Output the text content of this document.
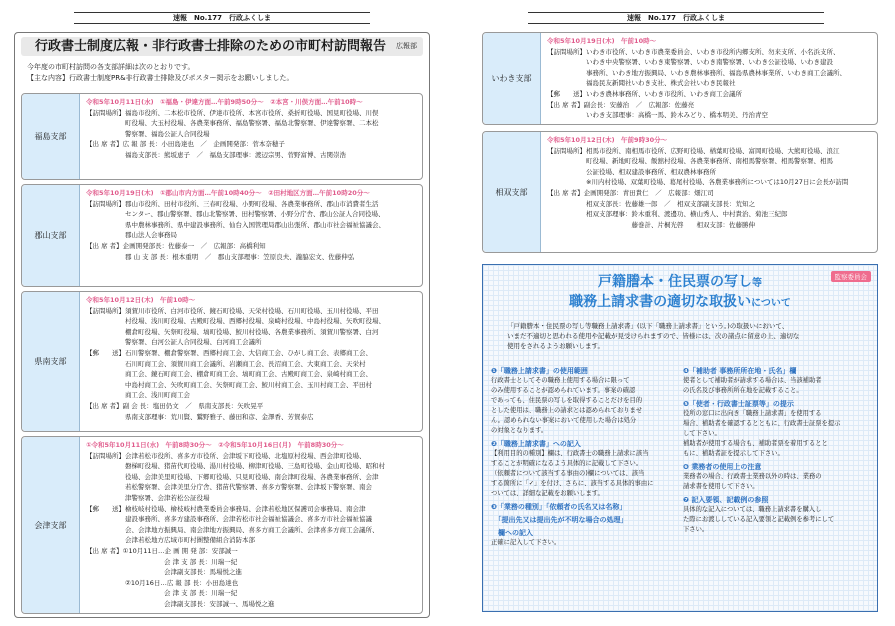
速報　No.177　行政ふくしま
行政書士制度広報・非行政書士排除のための市町村訪問報告 広報部
今年度の市町村訪問の各支部詳細は次のとおりです。
【主な内容】行政書士制度PR&非行政書士排除及びポスター掲示をお願いしました。
福島支部
令和5年10月11日(水)　①福島・伊達方面…午前9時50分～　②本宮・川俣方面…午前10時～
【訪問場所】福島市役所、二本松市役所、伊達市役所、本宮市役所、桑折町役場、国見町役場、川俣
　　　　　　町役場、大玉村役場、各農業事務所、福島警察署、福島北警察署、伊達警察署、二本松
　　　　　　警察署、福島公証人合同役場
【出 席 者】広 報 部 長：小田島達也　／　企画開発部：菅本奈穂子
　　　　　　福島支部長：熊坂恵子　／　福島支部理事：渡辺宗男、菅野富博、古関崇浩
郡山支部
令和5年10月19日(木)　①郡山市内方面…午前10時40分～　②田村地区方面…午前10時20分～
【訪問場所】郡山市役所、田村市役所、三春町役場、小野町役場、各農業事務所、郡山市消費者生活
　　　　　　センター、郡山警察署、郡山北警察署、田村警察署、小野分庁舎、郡山公証人合同役場、
　　　　　　県中農林事務所、県中建設事務所、仙台入国管理局郡山出張所、郡山市社会福祉協議会、
　　　　　　郡山法人会事務局
【出 席 者】企画開発部長：佐藤泰一　／　広報部：高橋利知
　　　　　　郡 山 支 部 長：根本重明　／　郡山支部理事：笠原良夫、瀧脇宏文、佐藤伸弘
県南支部
令和5年10月12日(木)　午前10時～
【訪問場所】須賀川市役所、白河市役所、鏡石町役場、天栄村役場、石川町役場、玉川村役場、平田
　　　　　　村役場、浅川町役場、古殿町役場、西郷村役場、泉崎村役場、中島村役場、矢吹町役場、
　　　　　　棚倉町役場、矢祭町役場、塙町役場、鮫川村役場、各農業事務所、須賀川警察署、白河
　　　　　　警察署、白河公証人合同役場、白河商工会議所
【郵　　送】石川警察署、棚倉警察署、西郷村商工会、大信商工会、ひがし商工会、表郷商工会、
　　　　　　石川町商工会、須賀川商工会議所、岩瀬商工会、長沼商工会、大東商工会、天栄村
　　　　　　商工会、鏡石町商工会、棚倉町商工会、塙町商工会、古殿町商工会、泉崎村商工会、
　　　　　　中島村商工会、矢吹町商工会、矢祭町商工会、鮫川村商工会、玉川村商工会、平田村
　　　　　　商工会、浅川町商工会
【出 席 者】副 会 長：塩田仍文　／　県南支部長：矢吹晃平
　　　　　　県南支部理事：荒川賢、鷲野雅子、藤田和彦、金澤香、芳賀泰広
会津支部
①令和5年10月11日(水)　午前8時30分～　②令和5年10月16日(月)　午前8時30分～
【訪問場所】会津若松市役所、喜多方市役所、会津坂下町役場、北塩原村役場、西会津町役場、
　　　　　　磐梯町役場、猪苗代町役場、湯川村役場、柳津町役場、三島町役場、金山町役場、昭和村
　　　　　　役場、会津美里町役場、下郷町役場、只見町役場、南会津町役場、各農業事務所、会津
　　　　　　若松警察署、会津美里分庁舎、猪苗代警察署、喜多方警察署、会津坂下警察署、南会
　　　　　　津警察署、会津若松公証役場
【郵　　送】檜枝岐村役場、檜枝岐村農業委員会事務局、会津若松地区保護司会事務局、南会津
　　　　　　建設事務所、喜多方建設事務所、会津若松市社会福祉協議会、喜多方市社会福祉協議
　　　　　　会、会津地方振興局、南会津地方振興局、喜多方商工会議所、会津喜多方商工会議所、
　　　　　　会津若松地方広域市町村圏整備組合消防本部
【出 席 者】①10月11日…企 画 開 発 部：安部誠一
　　　　　　　　　　　　会 津 支 部 長：川瑞一紀
　　　　　　　　　　　　会津副支部長：馬場悦之進
　　　　　　②10月16日…広 報 部 長：小田島達也
　　　　　　　　　　　　会 津 支 部 長：川瑞一紀
　　　　　　　　　　　　会津副支部長：安部誠一、馬場悦之進
速報　No.177　行政ふくしま
いわき支部
令和5年10月19日(木)　午前10時～
【訪問場所】いわき市役所、いわき市農業委員会、いわき市役所内郷支所、勿来支所、小名浜支所、
　　　　　　いわき中央警察署、いわき東警察署、いわき南警察署、いわき公証役場、いわき建設
　　　　　　事務所、いわき地方振興局、いわき農林事務所、福島県農林事業所、いわき商工会議所、
　　　　　　福島民友新聞社いわき支社、株式会社いわき民報社
【郵　　送】いわき農林事務所、いわき市役所、いわき商工会議所
【出 席 者】副会長：安藤治　／　広報部：佐藤亮
　　　　　　いわき支部理事：高橋一馬、鈴木みどり、橋本明美、丹治青空
相双支部
令和5年10月12日(木)　午前9時30分～
【訪問場所】相馬市役所、南相馬市役所、広野町役場、楢葉町役場、富岡町役場、大熊町役場、浪江
　　　　　　町役場、新地町役場、飯舘村役場、各農業事務所、南相馬警察署、相馬警察署、相馬
　　　　　　公証役場、相双建設事務所、相双農林事務所
　　　　　　※川内村役場、双葉町役場、葛尾村役場、各農業事務所については10月27日に会長が訪問
【出 席 者】企画開発部：青田貴仁　／　広報部：畑江司
　　　　　　相双支部長：佐藤雄一郎　／　相双支部副支部長：荒知之
　　　　　　相双支部理事：鈴木重利、渡邊功、横山秀人、中村貴治、菊池三紀郎
　　　　　　　　　　　　　藤巻計、片桐光啓　　相双支部：佐藤勝伸
監察委員会
戸籍謄本・住民票の写し等
職務上請求書の適切な取扱いについて
「戸籍謄本・住民票の写し等職務上請求書」(以下「職務上請求書」という。)の取扱いにおいて、
いまだ不適切と思われる使用や記載が見受けられますので、皆様には、次の諸点に留意の上、適切な
使用をされるようお願いします。
❶「職務上請求書」の使用範囲

行政書士としてその職務上使用する場合に限って

のみ使用することが認められています。事案の確認

であっても、住民票の写しを取得することだけを目的

とした使用は、職務上の請求とは認められておりませ

ん。認められない事案において使用した場合は処分

の対象となります。

❷「職務上請求書」への記入

【利用目的の種別】欄は、行政書士の職務上請求に該当

することが明確になるよう具体的に記載して下さい。

（依頼者について該当する事由の)欄については、該当

する箇所に「✓」を付け、さらに、該当する具体的事由に

ついては、詳細な記載をお願いします。

❸「業務の種別」「依頼者の氏名又は名称」
　「提出先又は提出先が不明な場合の処理」
　欄への記入

正確に記入して下さい。

❹「補助者 事務所所在地・氏名」欄

使者として補助者が請求する場合は、当該補助者

の氏名及び事務所所在地を記載すること。

❺「使者・行政書士証票等」の提示

役所の窓口に出向き「職務上請求書」を使用する

場合、補助者を確認するとともに、行政書士証票を提示

して下さい。

補助者が使用する場合も、補助者票を着用するとと

もに、補助者証を提示して下さい。

❻ 業務者の使用上の注意

業務者の場合、行政書士業務以外の時は、業務の

請求書を使用して下さい。

❼ 記入要領、記載例の参照

具体的な記入については、職務上請求書を購入し

た際にお渡ししている記入要領と記載例を参考にして

下さい。
